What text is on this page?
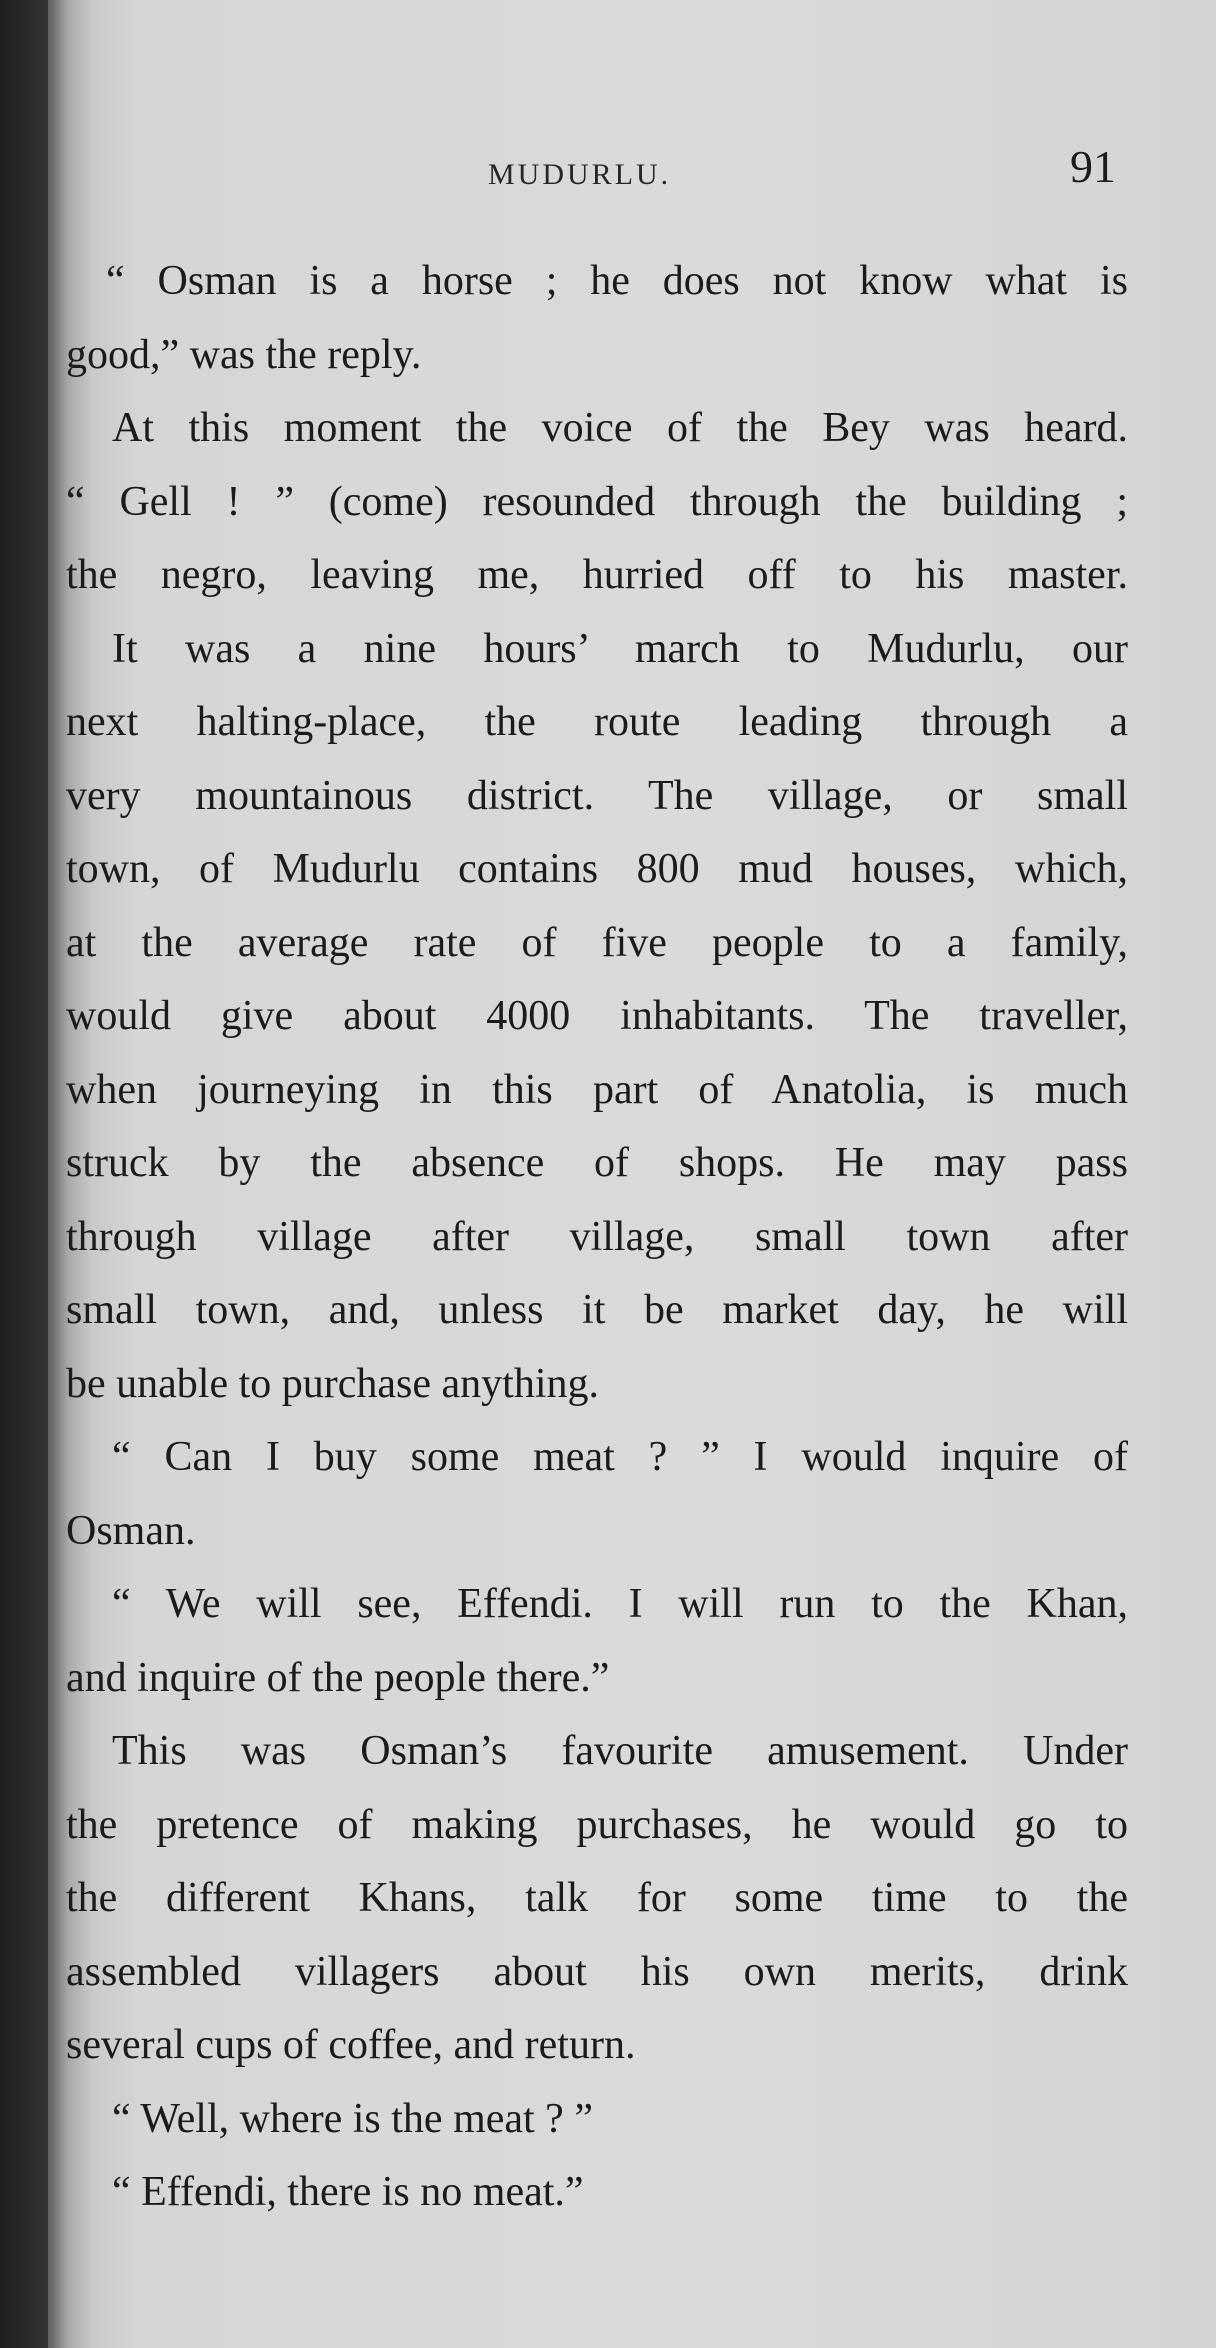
MUDURLU.	91
“ Osman is a horse ; he does not know what is
good,” was the reply.
At this moment the voice of the Bey was heard.
“ Gell ! ” (come) resounded through the building ;
the negro, leaving me, hurried off to his master.
It was a nine hours’ march to Mudurlu, our
next halting-place, the route leading through a
very mountainous district. The village, or small
town, of Mudurlu contains 800 mud houses, which,
at the average rate of five people to a family,
would give about 4000 inhabitants. The traveller,
when journeying in this part of Anatolia, is much
struck by the absence of shops. He may pass
through village after village, small town after
small town, and, unless it be market day, he will
be unable to purchase anything.
“ Can I buy some meat ? ” I would inquire of
Osman.
“ We will see, Effendi. I will run to the Khan,
and inquire of the people there.”
This was Osman’s favourite amusement. Under
the pretence of making purchases, he would go to
the different Khans, talk for some time to the
assembled villagers about his own merits, drink
several cups of coffee, and return.
“ Well, where is the meat ? ”
“ Effendi, there is no meat.”
